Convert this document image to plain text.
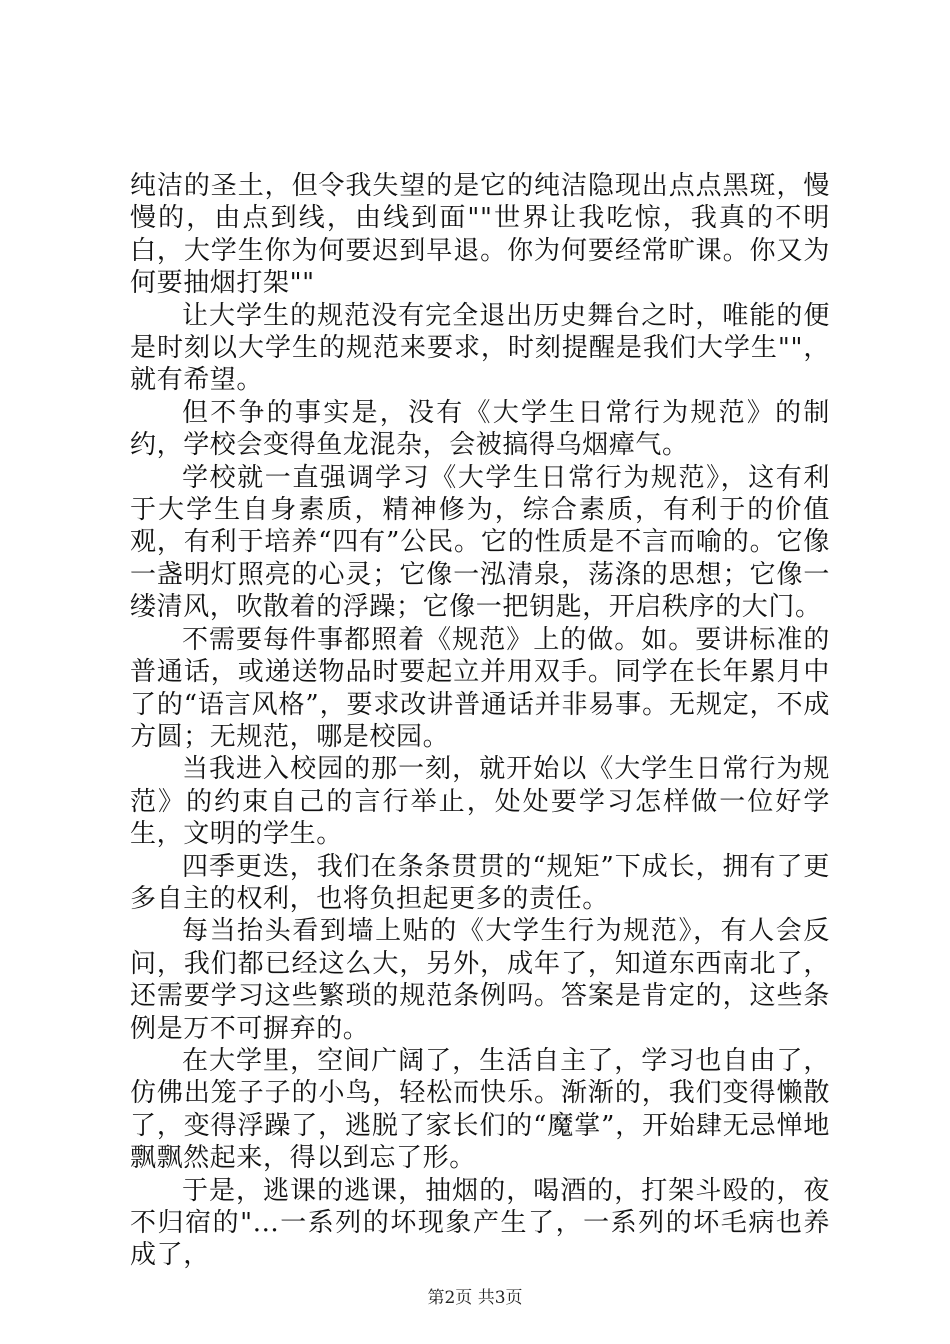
纯洁的圣土，但令我失望的是它的纯洁隐现出点点黑斑，慢慢的，由点到线，由线到面""世界让我吃惊，我真的不明白，大学生你为何要迟到早退。你为何要经常旷课。你又为何要抽烟打架""

让大学生的规范没有完全退出历史舞台之时，唯能的便是时刻以大学生的规范来要求，时刻提醒是我们大学生""，就有希望。

但不争的事实是，没有《大学生日常行为规范》的制约，学校会变得鱼龙混杂，会被搞得乌烟瘴气。

学校就一直强调学习《大学生日常行为规范》，这有利于大学生自身素质，精神修为，综合素质，有利于的价值观，有利于培养“四有”公民。它的性质是不言而喻的。它像一盏明灯照亮的心灵；它像一泓清泉，荡涤的思想；它像一缕清风，吹散着的浮躁；它像一把钥匙，开启秩序的大门。

不需要每件事都照着《规范》上的做。如。要讲标准的普通话，或递送物品时要起立并用双手。同学在长年累月中了的“语言风格”，要求改讲普通话并非易事。无规定，不成方圆；无规范，哪是校园。

当我进入校园的那一刻，就开始以《大学生日常行为规范》的约束自己的言行举止，处处要学习怎样做一位好学生，文明的学生。

四季更迭，我们在条条贯贯的“规矩”下成长，拥有了更多自主的权利，也将负担起更多的责任。

每当抬头看到墙上贴的《大学生行为规范》，有人会反问，我们都已经这么大，另外，成年了，知道东西南北了，还需要学习这些繁琐的规范条例吗。答案是肯定的，这些条例是万不可摒弃的。

在大学里，空间广阔了，生活自主了，学习也自由了，仿佛出笼子子的小鸟，轻松而快乐。渐渐的，我们变得懒散了，变得浮躁了，逃脱了家长们的“魔掌”，开始肆无忌惮地飘飘然起来，得以到忘了形。

于是，逃课的逃课，抽烟的，喝酒的，打架斗殴的，夜不归宿的"...一系列的坏现象产生了，一系列的坏毛病也养成了，

第2页 共3页
